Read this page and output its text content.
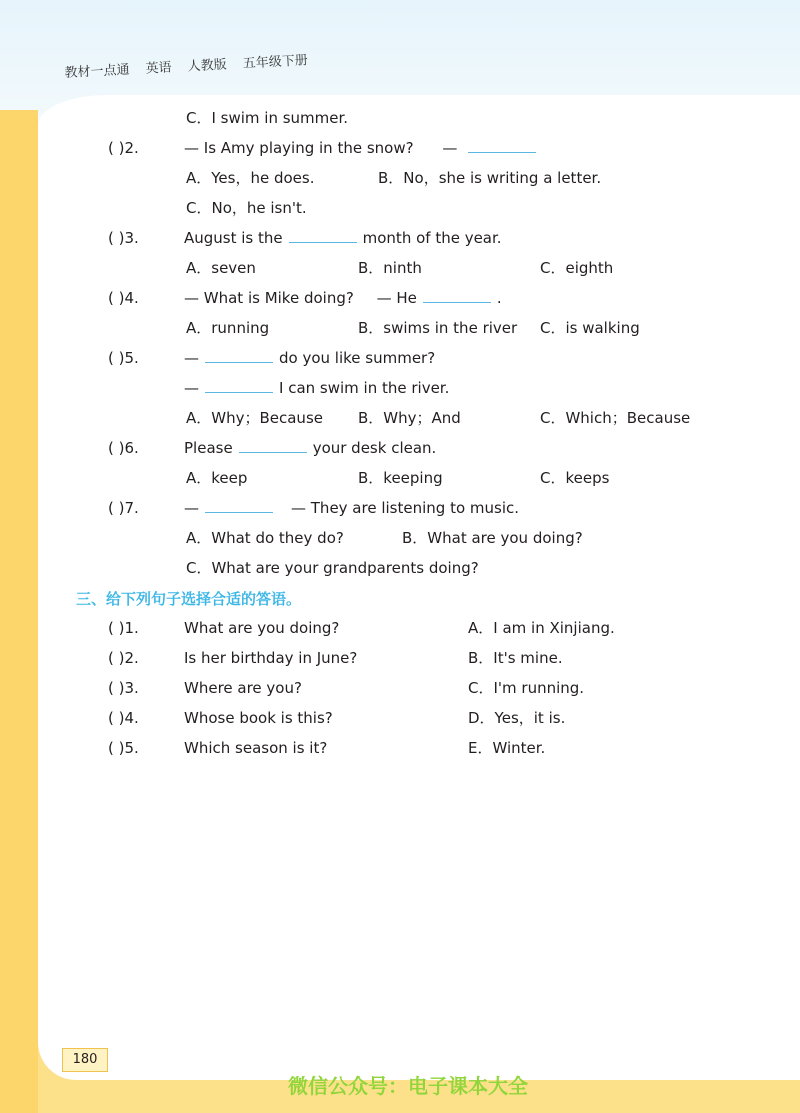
教材一点通 英语 人教版 五年级下册
C．I swim in summer.
( )2.	— Is Amy playing in the snow? —
A．Yes，he does.	B．No，she is writing a letter.
C．No，he isn't.
( )3.	August is the	month of the year.
A．seven	B．ninth	C．eighth
( )4.	— What is Mike doing? — He	.
A．running	B．swims in the river C．is walking
( )5.	—	do you like summer?
—	I can swim in the river.
A．Why；Because B．Why；And	C．Which；Because
( )6.	Please	your desk clean.
A．keep	B．keeping	C．keeps
( )7.	—	— They are listening to music.
A．What do they do?	B．What are you doing?
C．What are your grandparents doing?
三、给下列句子选择合适的答语。
( )1.	What are you doing?	A．I am in Xinjiang.
( )2.	Is her birthday in June?	B．It's mine.
( )3.	Where are you?	C．I'm running.
( )4.	Whose book is this?	D．Yes，it is.
( )5.	Which season is it?	E．Winter.
180
微信公众号：电子课本大全
